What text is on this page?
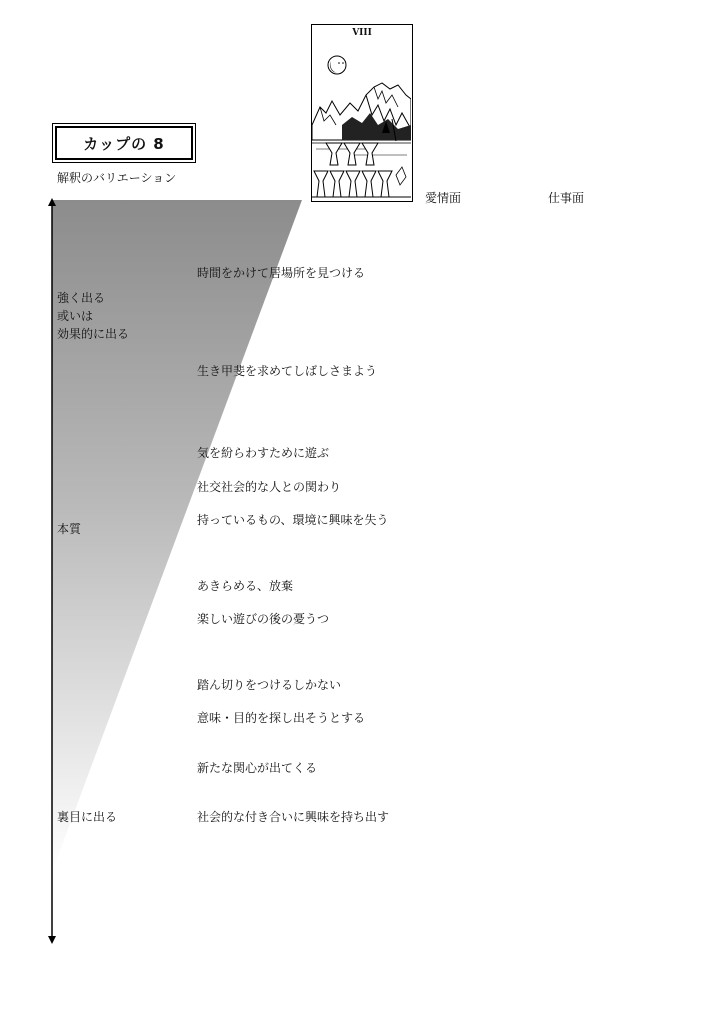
カップの 8
解釈のバリエーション
VIII
愛情面	仕事面
強く出る
或いは
効果的に出る
本質
裏目に出る
時間をかけて居場所を見つける
生き甲斐を求めてしばしさまよう
気を紛らわすために遊ぶ
社交社会的な人との関わり
持っているもの、環境に興味を失う
あきらめる、放棄
楽しい遊びの後の憂うつ
踏ん切りをつけるしかない
意味・目的を探し出そうとする
新たな関心が出てくる
社会的な付き合いに興味を持ち出す
